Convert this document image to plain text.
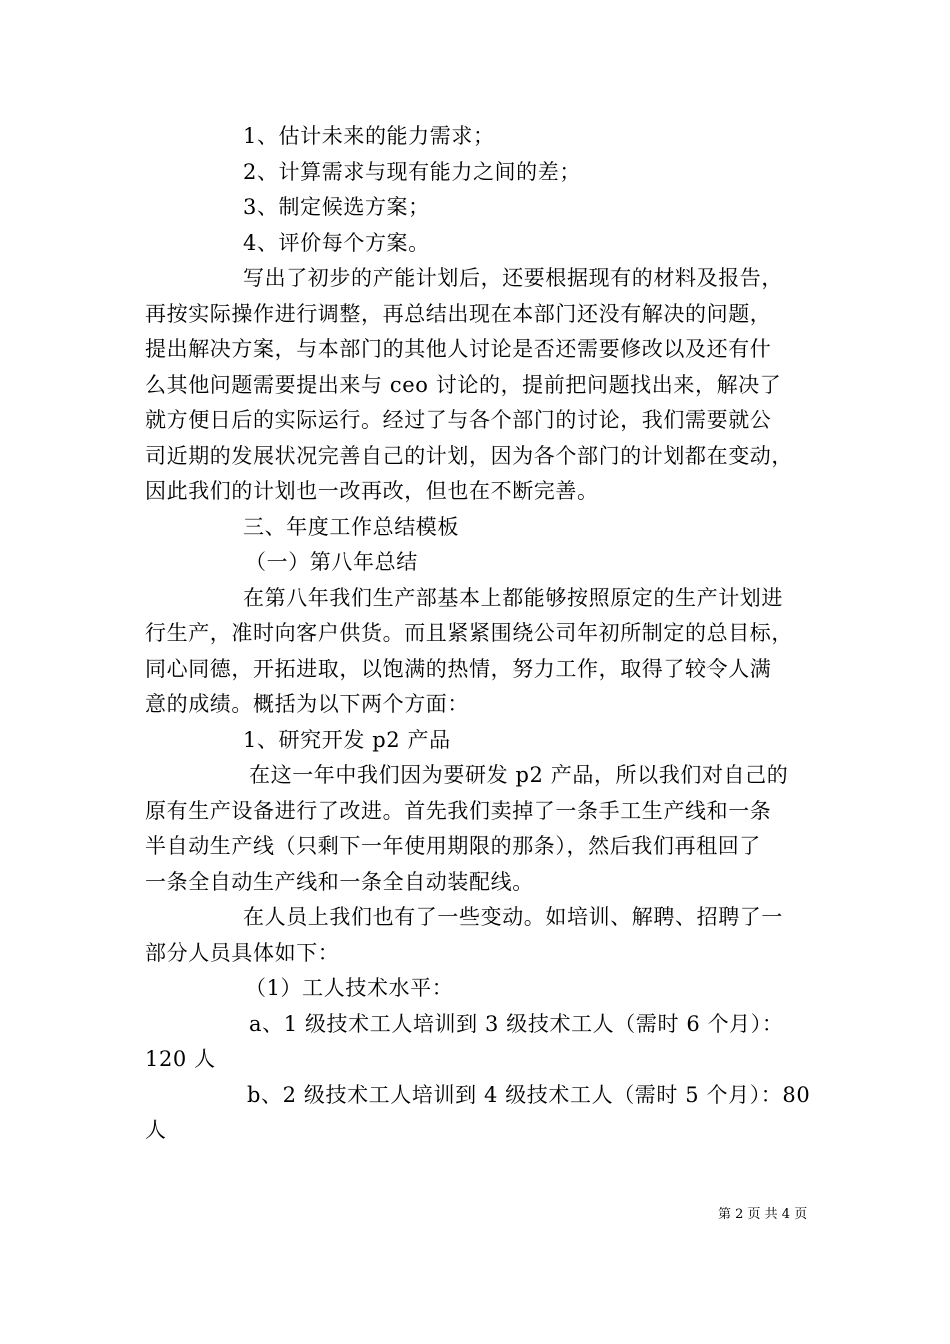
1、估计未来的能力需求；
2、计算需求与现有能力之间的差；
3、制定候选方案；
4、评价每个方案。
写出了初步的产能计划后，还要根据现有的材料及报告，
再按实际操作进行调整，再总结出现在本部门还没有解决的问题，
提出解决方案，与本部门的其他人讨论是否还需要修改以及还有什
么其他问题需要提出来与 ceo 讨论的，提前把问题找出来，解决了
就方便日后的实际运行。经过了与各个部门的讨论，我们需要就公
司近期的发展状况完善自己的计划，因为各个部门的计划都在变动，
因此我们的计划也一改再改，但也在不断完善。
三、年度工作总结模板
（一）第八年总结
在第八年我们生产部基本上都能够按照原定的生产计划进
行生产，准时向客户供货。而且紧紧围绕公司年初所制定的总目标，
同心同德，开拓进取，以饱满的热情，努力工作，取得了较令人满
意的成绩。概括为以下两个方面：
1、研究开发 p2 产品
在这一年中我们因为要研发 p2 产品，所以我们对自己的
原有生产设备进行了改进。首先我们卖掉了一条手工生产线和一条
半自动生产线（只剩下一年使用期限的那条），然后我们再租回了
一条全自动生产线和一条全自动装配线。
在人员上我们也有了一些变动。如培训、解聘、招聘了一
部分人员具体如下：
（1）工人技术水平：
a、1 级技术工人培训到 3 级技术工人（需时 6 个月）：
120 人
b、2 级技术工人培训到 4 级技术工人（需时 5 个月）：80
人
第 2 页 共 4 页
